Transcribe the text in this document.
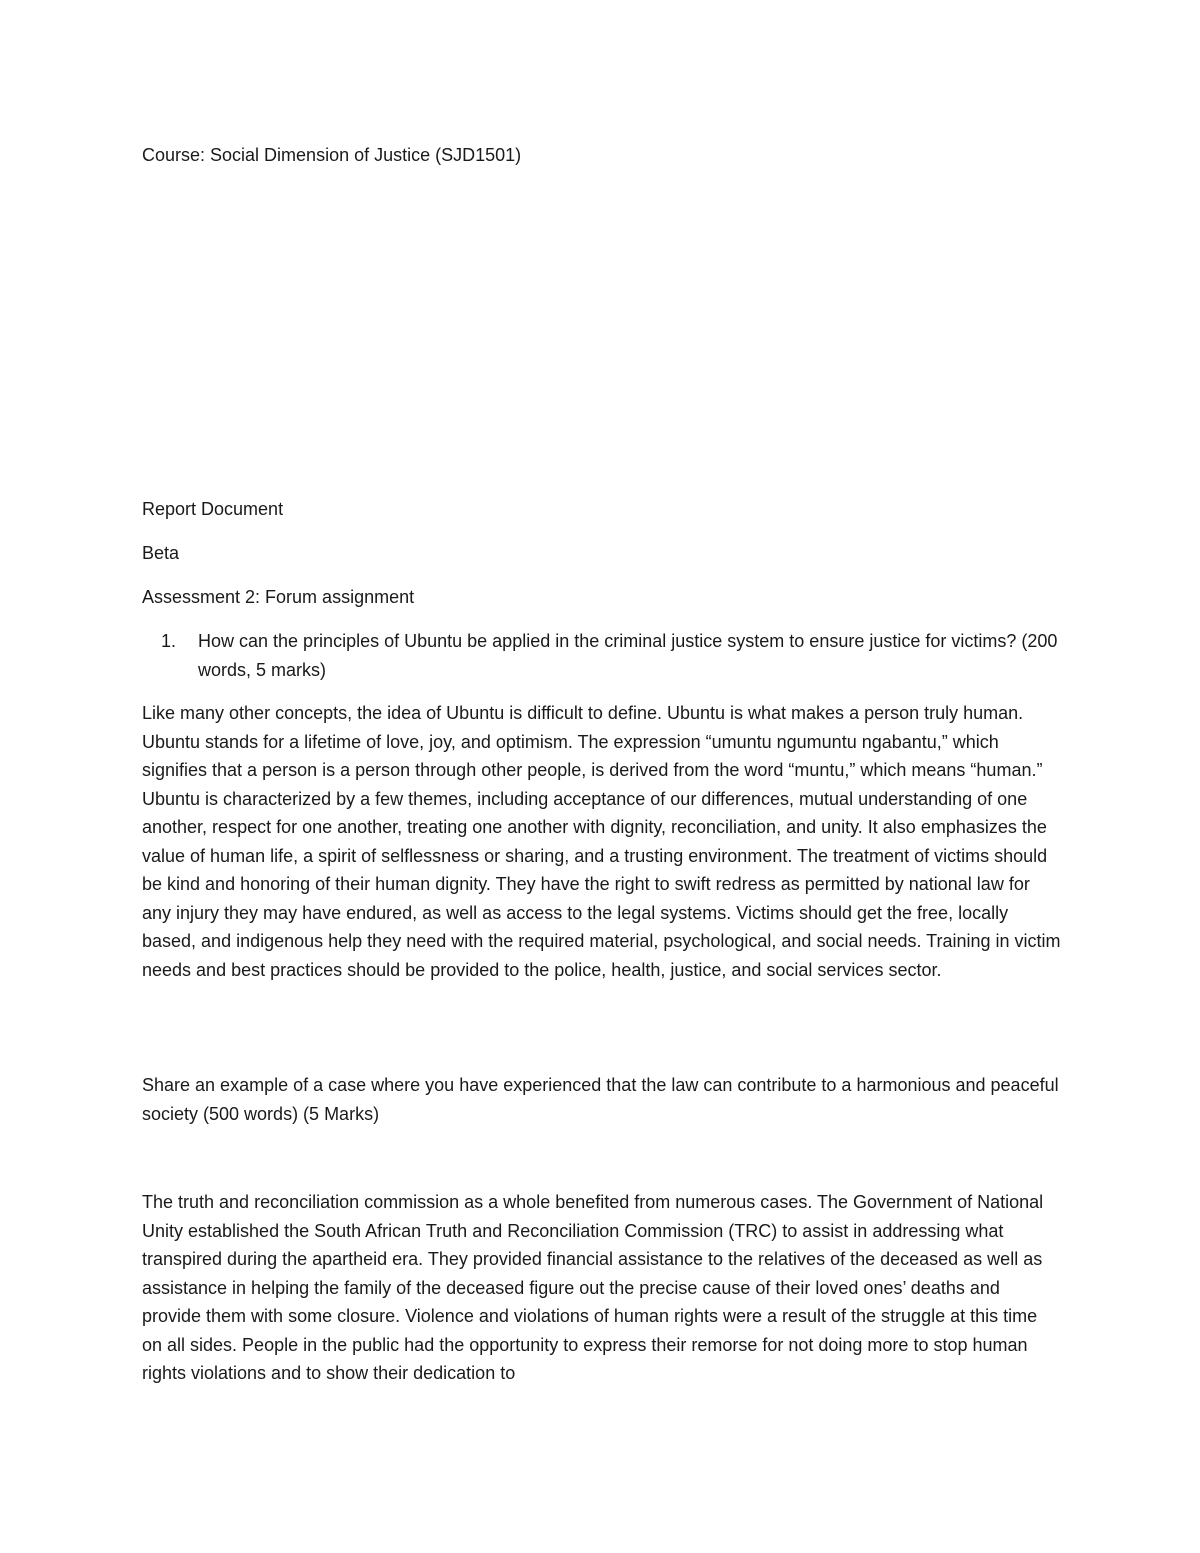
Course: Social Dimension of Justice (SJD1501)

Report Document

Beta

Assessment 2: Forum assignment

1. How can the principles of Ubuntu be applied in the criminal justice system to ensure justice for victims? (200 words, 5 marks)

Like many other concepts, the idea of Ubuntu is difficult to define. Ubuntu is what makes a person truly human. Ubuntu stands for a lifetime of love, joy, and optimism. The expression “umuntu ngumuntu ngabantu,” which signifies that a person is a person through other people, is derived from the word “muntu,” which means “human.” Ubuntu is characterized by a few themes, including acceptance of our differences, mutual understanding of one another, respect for one another, treating one another with dignity, reconciliation, and unity. It also emphasizes the value of human life, a spirit of selflessness or sharing, and a trusting environment. The treatment of victims should be kind and honoring of their human dignity. They have the right to swift redress as permitted by national law for any injury they may have endured, as well as access to the legal systems. Victims should get the free, locally based, and indigenous help they need with the required material, psychological, and social needs. Training in victim needs and best practices should be provided to the police, health, justice, and social services sector.

Share an example of a case where you have experienced that the law can contribute to a harmonious and peaceful society (500 words) (5 Marks)

The truth and reconciliation commission as a whole benefited from numerous cases. The Government of National Unity established the South African Truth and Reconciliation Commission (TRC) to assist in addressing what transpired during the apartheid era. They provided financial assistance to the relatives of the deceased as well as assistance in helping the family of the deceased figure out the precise cause of their loved ones’ deaths and provide them with some closure. Violence and violations of human rights were a result of the struggle at this time on all sides. People in the public had the opportunity to express their remorse for not doing more to stop human rights violations and to show their dedication to
